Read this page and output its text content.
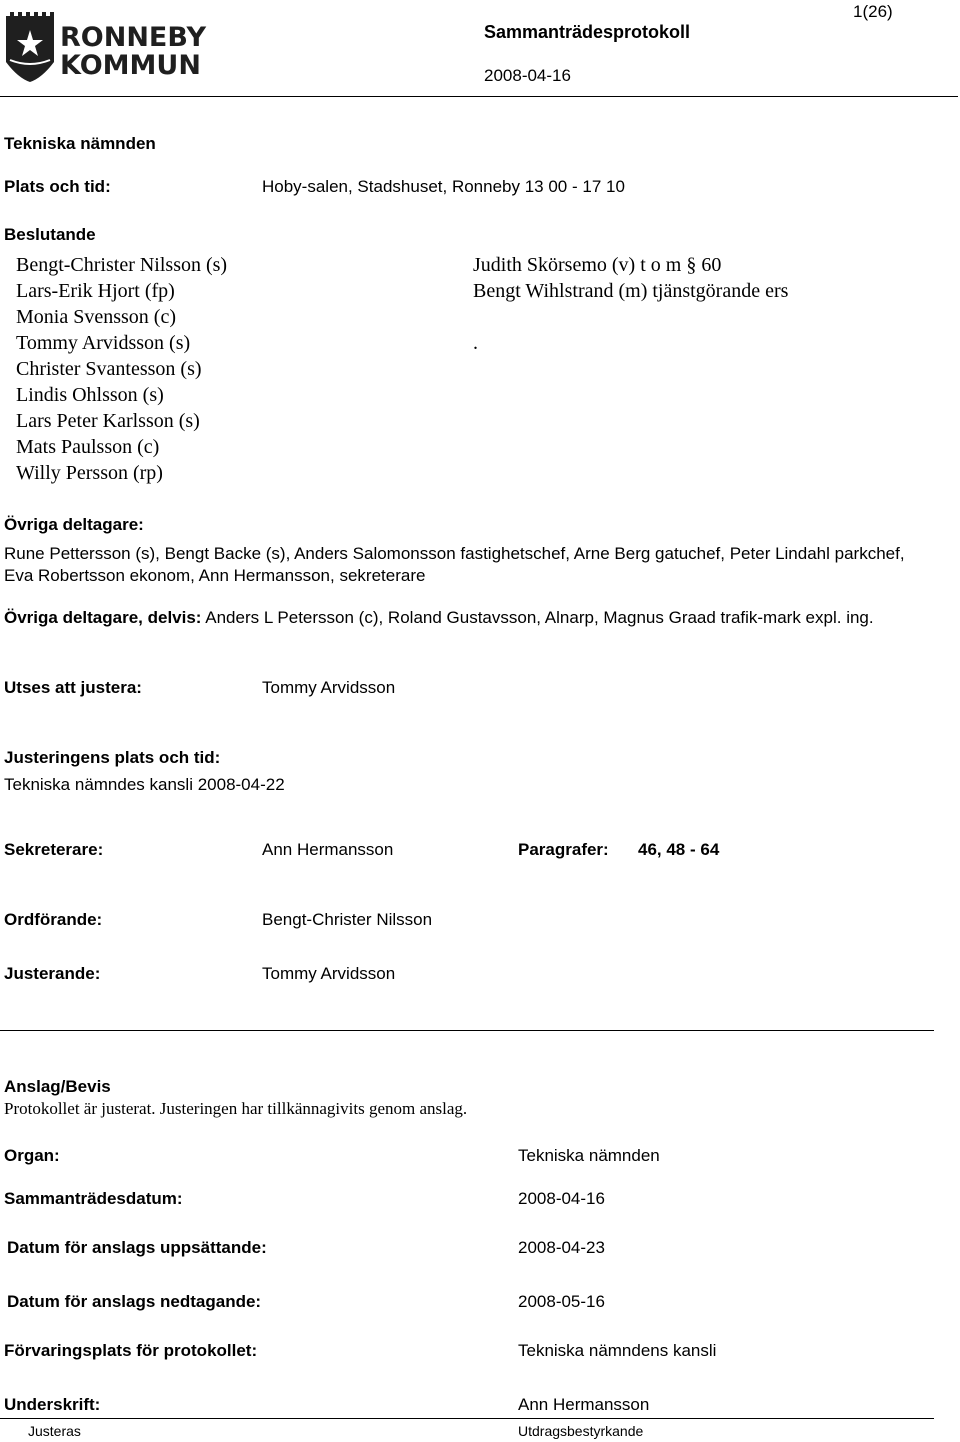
RONNEBY
KOMMUN
1(26)
Sammanträdesprotokoll
2008-04-16
Tekniska nämnden
Plats och tid:	Hoby-salen, Stadshuset, Ronneby 13 00 - 17 10
Beslutande
Bengt-Christer Nilsson (s)
Lars-Erik Hjort (fp)
Monia Svensson (c)
Tommy Arvidsson (s)
Christer Svantesson (s)
Lindis Ohlsson (s)
Lars Peter Karlsson (s)
Mats Paulsson (c)
Willy Persson (rp)
Judith Skörsemo (v) t o m § 60
Bengt Wihlstrand (m) tjänstgörande ers
.
Övriga deltagare:
Rune Pettersson (s), Bengt Backe (s), Anders Salomonsson fastighetschef, Arne Berg gatuchef, Peter Lindahl parkchef, Eva Robertsson ekonom, Ann Hermansson, sekreterare
Övriga deltagare, delvis: Anders L Petersson (c), Roland Gustavsson, Alnarp, Magnus Graad trafik-mark expl. ing.
Utses att justera:	Tommy Arvidsson
Justeringens plats och tid:
Tekniska nämndes kansli 2008-04-22
Sekreterare:	Ann Hermansson	Paragrafer: 46, 48 - 64
Ordförande:	Bengt-Christer Nilsson
Justerande:	Tommy Arvidsson
Anslag/Bevis
Protokollet är justerat. Justeringen har tillkännagivits genom anslag.
Organ:	Tekniska nämnden
Sammanträdesdatum:	2008-04-16
Datum för anslags uppsättande:	2008-04-23
Datum för anslags nedtagande:	2008-05-16
Förvaringsplats för protokollet:	Tekniska nämndens kansli
Underskrift:	Ann Hermansson
Justeras	Utdragsbestyrkande
